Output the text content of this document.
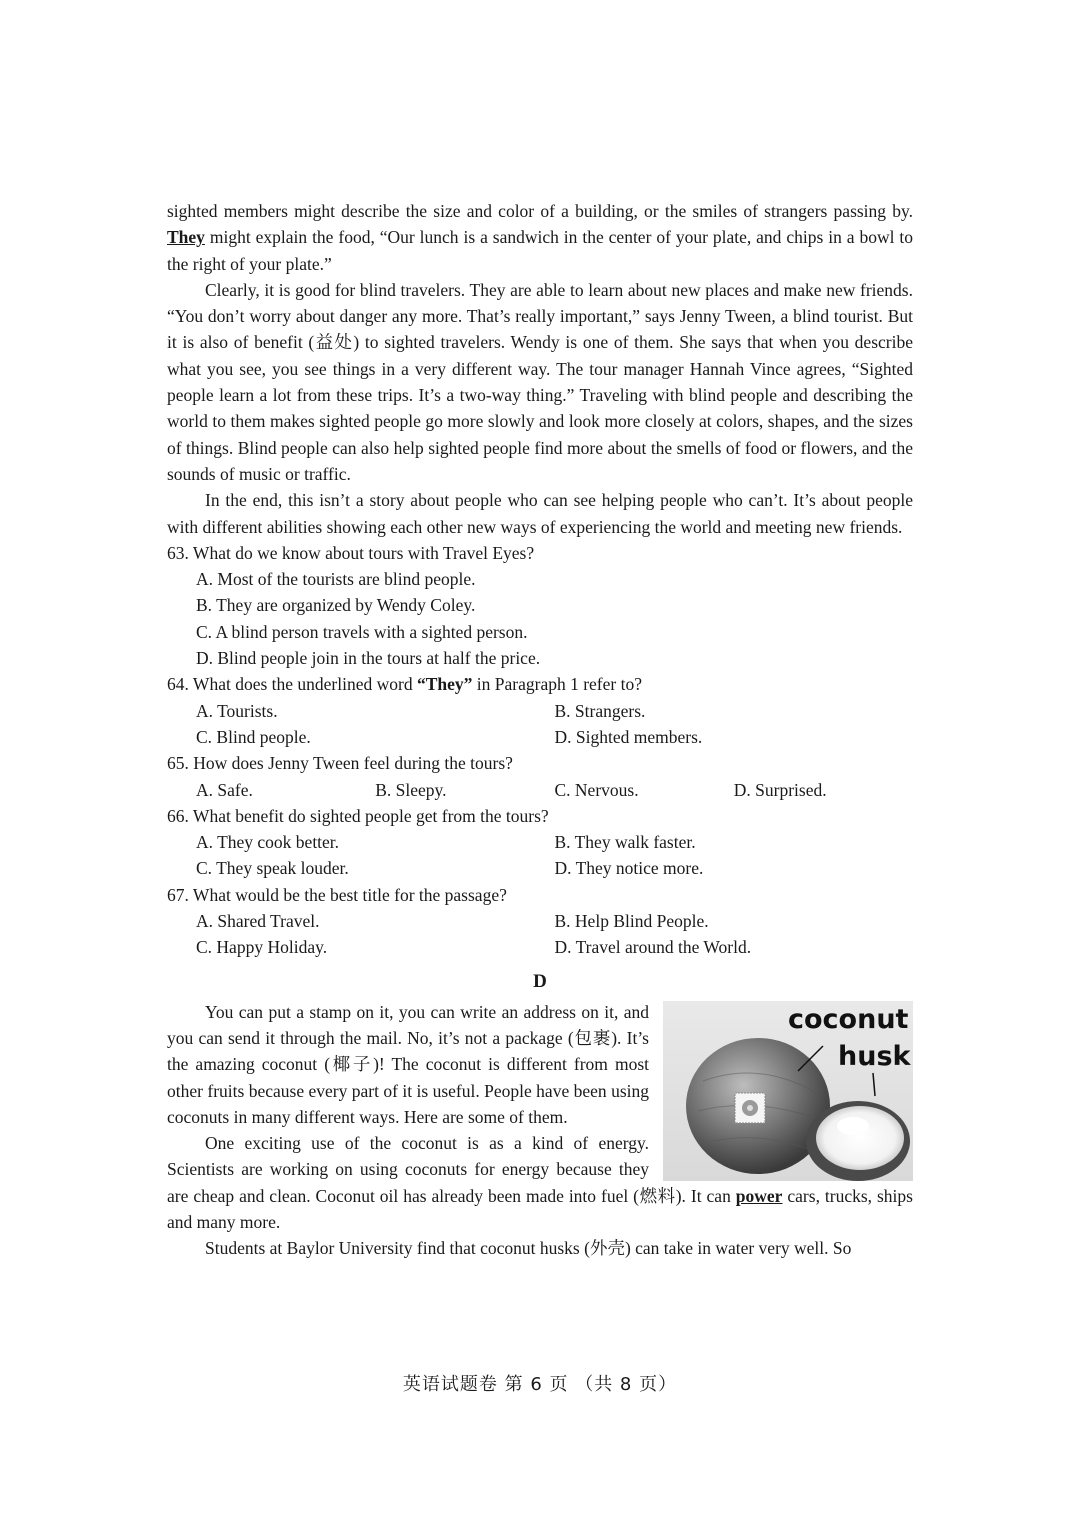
sighted members might describe the size and color of a building, or the smiles of strangers passing by. They might explain the food, “Our lunch is a sandwich in the center of your plate, and chips in a bowl to the right of your plate.”

Clearly, it is good for blind travelers. They are able to learn about new places and make new friends. “You don’t worry about danger any more. That’s really important,” says Jenny Tween, a blind tourist. But it is also of benefit (益处) to sighted travelers. Wendy is one of them. She says that when you describe what you see, you see things in a very different way. The tour manager Hannah Vince agrees, “Sighted people learn a lot from these trips. It’s a two-way thing.” Traveling with blind people and describing the world to them makes sighted people go more slowly and look more closely at colors, shapes, and the sizes of things. Blind people can also help sighted people find more about the smells of food or flowers, and the sounds of music or traffic.

In the end, this isn’t a story about people who can see helping people who can’t. It’s about people with different abilities showing each other new ways of experiencing the world and meeting new friends.

63. What do we know about tours with Travel Eyes?
A. Most of the tourists are blind people.
B. They are organized by Wendy Coley.
C. A blind person travels with a sighted person.
D. Blind people join in the tours at half the price.
64. What does the underlined word “They” in Paragraph 1 refer to?
A. Tourists.	B. Strangers.
C. Blind people.	D. Sighted members.
65. How does Jenny Tween feel during the tours?
A. Safe.	B. Sleepy.	C. Nervous.	D. Surprised.
66. What benefit do sighted people get from the tours?
A. They cook better.	B. They walk faster.
C. They speak louder.	D. They notice more.
67. What would be the best title for the passage?
A. Shared Travel.	B. Help Blind People.
C. Happy Holiday.	D. Travel around the World.
D
coconut
husk

You can put a stamp on it, you can write an address on it, and you can send it through the mail. No, it’s not a package (包裹). It’s the amazing coconut (椰子)! The coconut is different from most other fruits because every part of it is useful. People have been using coconuts in many different ways. Here are some of them.

One exciting use of the coconut is as a kind of energy. Scientists are working on using coconuts for energy because they are cheap and clean. Coconut oil has already been made into fuel (燃料). It can power cars, trucks, ships and many more.

Students at Baylor University find that coconut husks (外壳) can take in water very well. So

英语试题卷 第 6 页 （共 8 页）
